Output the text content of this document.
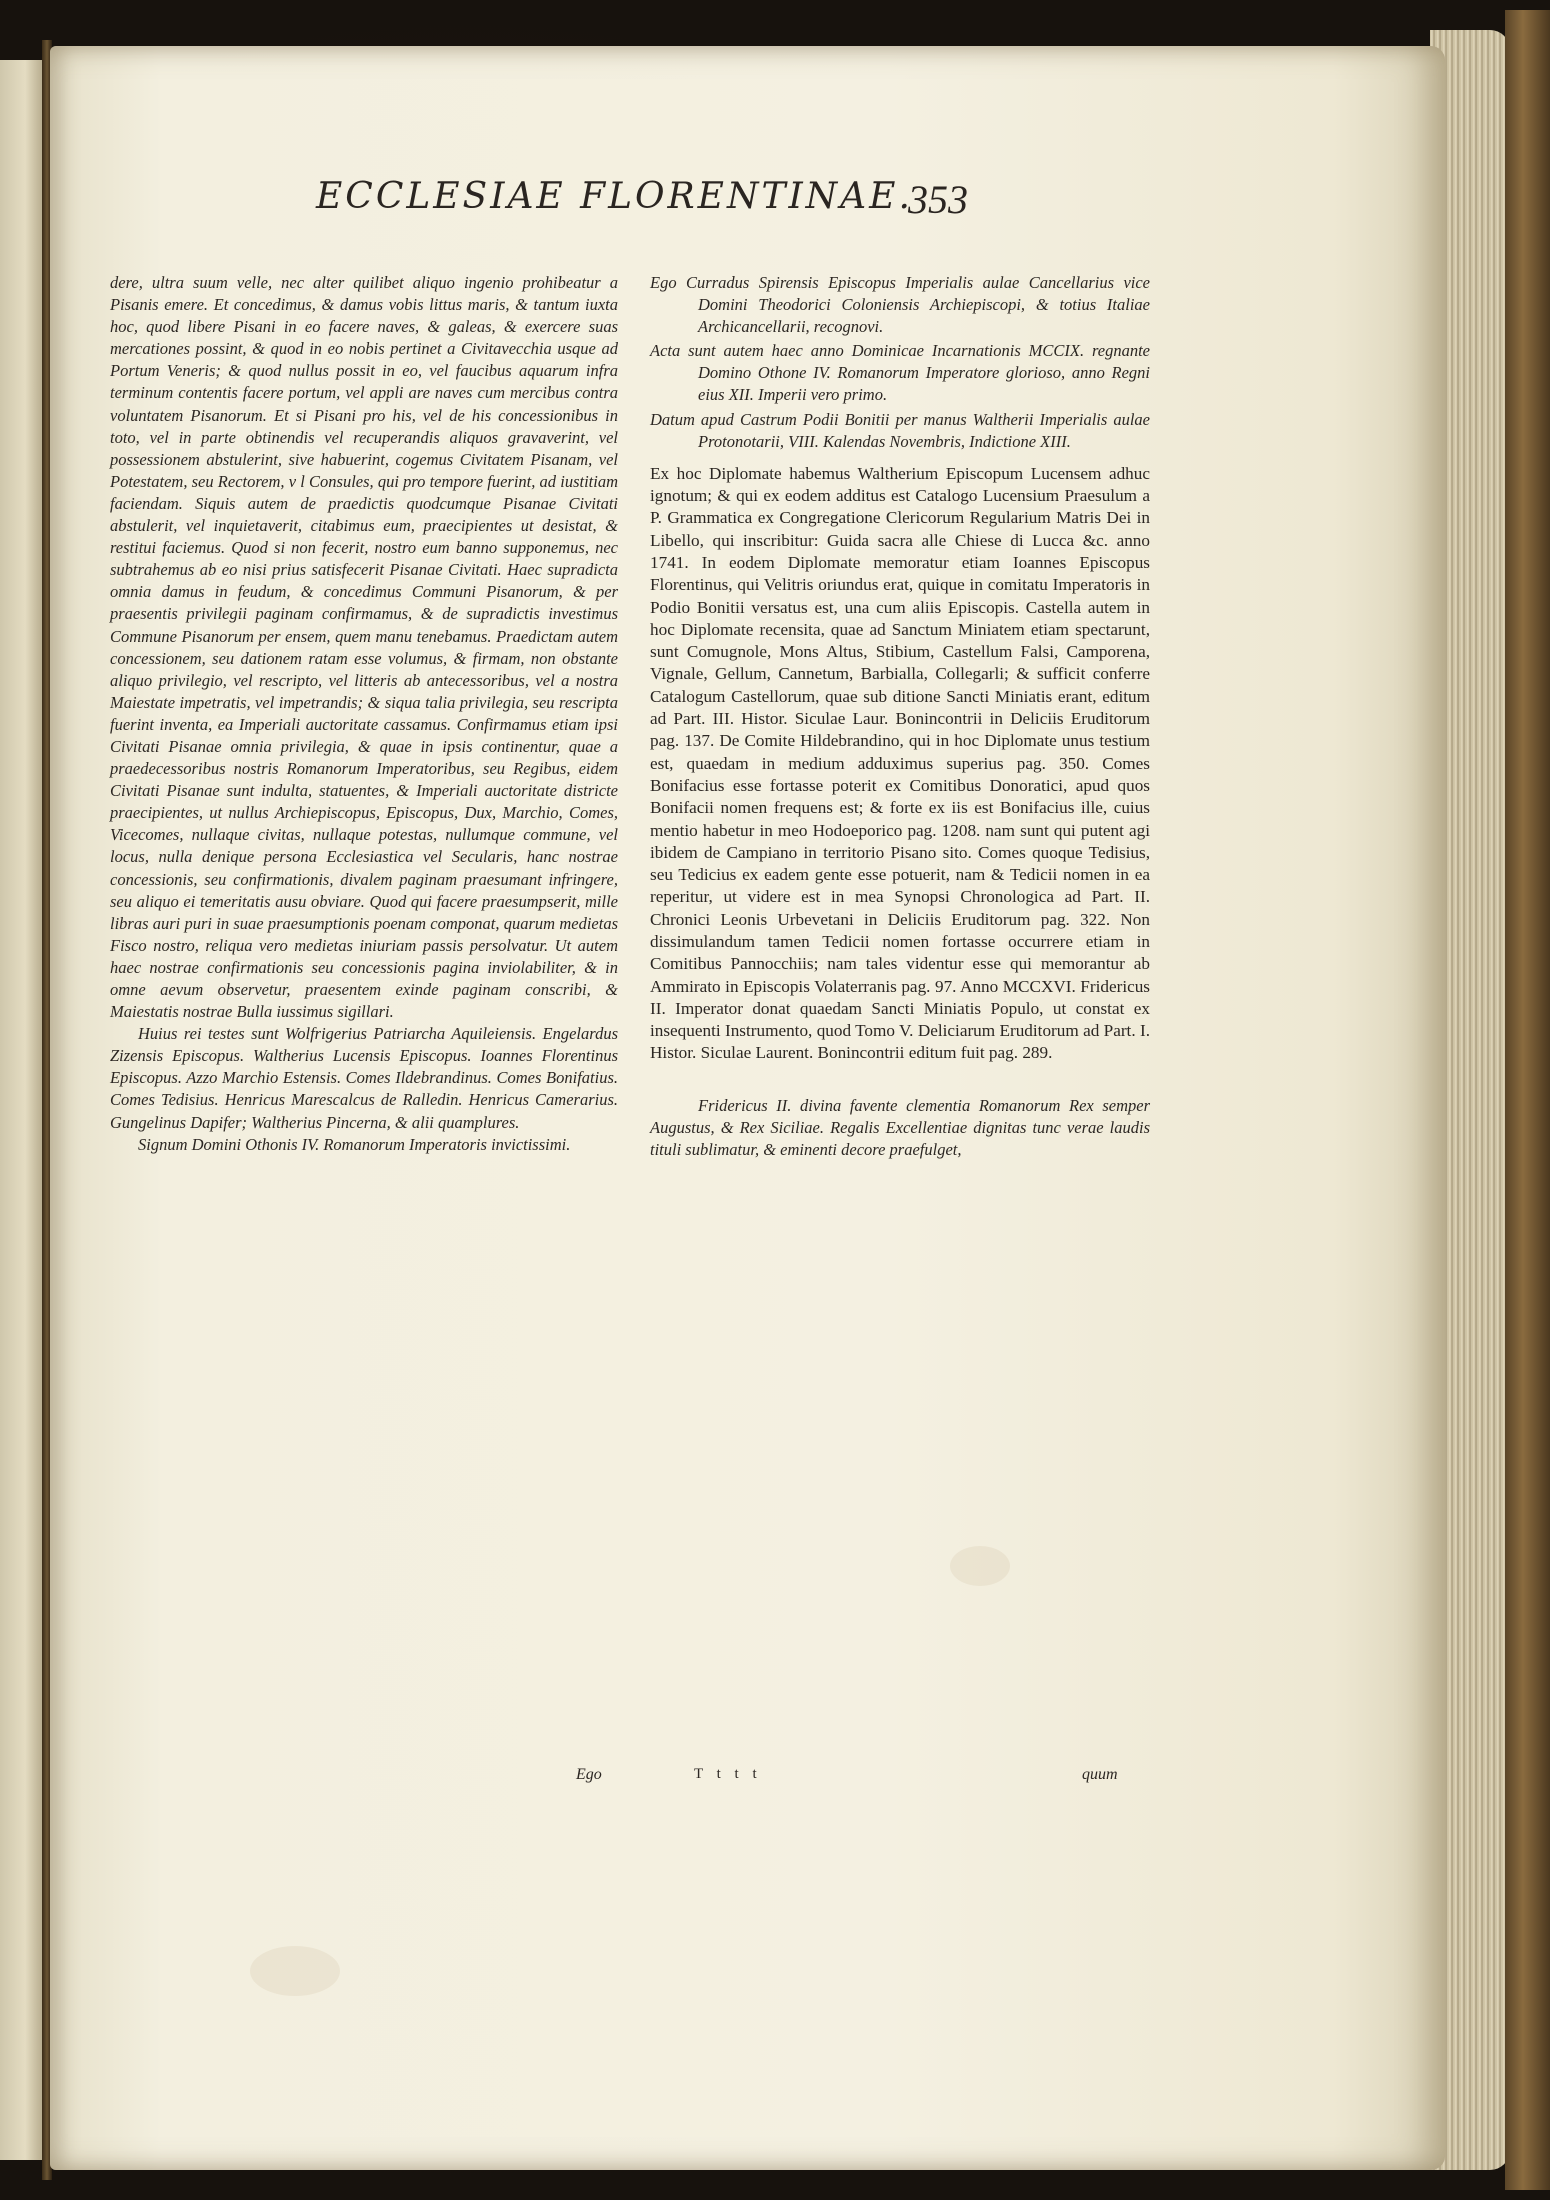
ECCLESIAE FLORENTINAE.
353

dere, ultra suum velle, nec alter quilibet aliquo ingenio prohibeatur a Pisanis emere. Et concedimus, & damus vobis littus maris, & tantum iuxta hoc, quod libere Pisani in eo facere naves, & galeas, & exercere suas mercationes possint, & quod in eo nobis pertinet a Civitavecchia usque ad Portum Veneris; & quod nullus possit in eo, vel faucibus aquarum infra terminum contentis facere portum, vel appli are naves cum mercibus contra voluntatem Pisanorum. Et si Pisani pro his, vel de his concessionibus in toto, vel in parte obtinendis vel recuperandis aliquos gravaverint, vel possessionem abstulerint, sive habuerint, cogemus Civitatem Pisanam, vel Potestatem, seu Rectorem, v l Consules, qui pro tempore fuerint, ad iustitiam faciendam. Siquis autem de praedictis quodcumque Pisanae Civitati abstulerit, vel inquietaverit, citabimus eum, praecipientes ut desistat, & restitui faciemus. Quod si non fecerit, nostro eum banno supponemus, nec subtrahemus ab eo nisi prius satisfecerit Pisanae Civitati. Haec supradicta omnia damus in feudum, & concedimus Communi Pisanorum, & per praesentis privilegii paginam confirmamus, & de supradictis investimus Commune Pisanorum per ensem, quem manu tenebamus. Praedictam autem concessionem, seu dationem ratam esse volumus, & firmam, non obstante aliquo privilegio, vel rescripto, vel litteris ab antecessoribus, vel a nostra Maiestate impetratis, vel impetrandis; & siqua talia privilegia, seu rescripta fuerint inventa, ea Imperiali auctoritate cassamus. Confirmamus etiam ipsi Civitati Pisanae omnia privilegia, & quae in ipsis continentur, quae a praedecessoribus nostris Romanorum Imperatoribus, seu Regibus, eidem Civitati Pisanae sunt indulta, statuentes, & Imperiali auctoritate districte praecipientes, ut nullus Archiepiscopus, Episcopus, Dux, Marchio, Comes, Vicecomes, nullaque civitas, nullaque potestas, nullumque commune, vel locus, nulla denique persona Ecclesiastica vel Secularis, hanc nostrae concessionis, seu confirmationis, divalem paginam praesumant infringere, seu aliquo ei temeritatis ausu obviare. Quod qui facere praesumpserit, mille libras auri puri in suae praesumptionis poenam componat, quarum medietas Fisco nostro, reliqua vero medietas iniuriam passis persolvatur. Ut autem haec nostrae confirmationis seu concessionis pagina inviolabiliter, & in omne aevum observetur, praesentem exinde paginam conscribi, & Maiestatis nostrae Bulla iussimus sigillari.

Huius rei testes sunt Wolfrigerius Patriarcha Aquileiensis. Engelardus Zizensis Episcopus. Waltherius Lucensis Episcopus. Ioannes Florentinus Episcopus. Azzo Marchio Estensis. Comes Ildebrandinus. Comes Bonifatius. Comes Tedisius. Henricus Marescalcus de Ralledin. Henricus Camerarius. Gungelinus Dapifer; Waltherius Pincerna, & alii quamplures.

Signum Domini Othonis IV. Romanorum Imperatoris invictissimi.

Ego Curradus Spirensis Episcopus Imperialis aulae Cancellarius vice Domini Theodorici Coloniensis Archiepiscopi, & totius Italiae Archicancellarii, recognovi.

Acta sunt autem haec anno Dominicae Incarnationis MCCIX. regnante Domino Othone IV. Romanorum Imperatore glorioso, anno Regni eius XII. Imperii vero primo.

Datum apud Castrum Podii Bonitii per manus Waltherii Imperialis aulae Protonotarii, VIII. Kalendas Novembris, Indictione XIII.

Ex hoc Diplomate habemus Waltherium Episcopum Lucensem adhuc ignotum; & qui ex eodem additus est Catalogo Lucensium Praesulum a P. Grammatica ex Congregatione Clericorum Regularium Matris Dei in Libello, qui inscribitur: Guida sacra alle Chiese di Lucca &c. anno 1741. In eodem Diplomate memoratur etiam Ioannes Episcopus Florentinus, qui Velitris oriundus erat, quique in comitatu Imperatoris in Podio Bonitii versatus est, una cum aliis Episcopis. Castella autem in hoc Diplomate recensita, quae ad Sanctum Miniatem etiam spectarunt, sunt Comugnole, Mons Altus, Stibium, Castellum Falsi, Camporena, Vignale, Gellum, Cannetum, Barbialla, Collegarli; & sufficit conferre Catalogum Castellorum, quae sub ditione Sancti Miniatis erant, editum ad Part. III. Histor. Siculae Laur. Bonincontrii in Deliciis Eruditorum pag. 137. De Comite Hildebrandino, qui in hoc Diplomate unus testium est, quaedam in medium adduximus superius pag. 350. Comes Bonifacius esse fortasse poterit ex Comitibus Donoratici, apud quos Bonifacii nomen frequens est; & forte ex iis est Bonifacius ille, cuius mentio habetur in meo Hodoeporico pag. 1208. nam sunt qui putent agi ibidem de Campiano in territorio Pisano sito. Comes quoque Tedisius, seu Tedicius ex eadem gente esse potuerit, nam & Tedicii nomen in ea reperitur, ut videre est in mea Synopsi Chronologica ad Part. II. Chronici Leonis Urbevetani in Deliciis Eruditorum pag. 322. Non dissimulandum tamen Tedicii nomen fortasse occurrere etiam in Comitibus Pannocchiis; nam tales videntur esse qui memorantur ab Ammirato in Episcopis Volaterranis pag. 97. Anno MCCXVI. Fridericus II. Imperator donat quaedam Sancti Miniatis Populo, ut constat ex insequenti Instrumento, quod Tomo V. Deliciarum Eruditorum ad Part. I. Histor. Siculae Laurent. Bonincontrii editum fuit pag. 289.

Fridericus II. divina favente clementia Romanorum Rex semper Augustus, & Rex Siciliae. Regalis Excellentiae dignitas tunc verae laudis tituli sublimatur, & eminenti decore praefulget,

Ego	T t t t	quum
